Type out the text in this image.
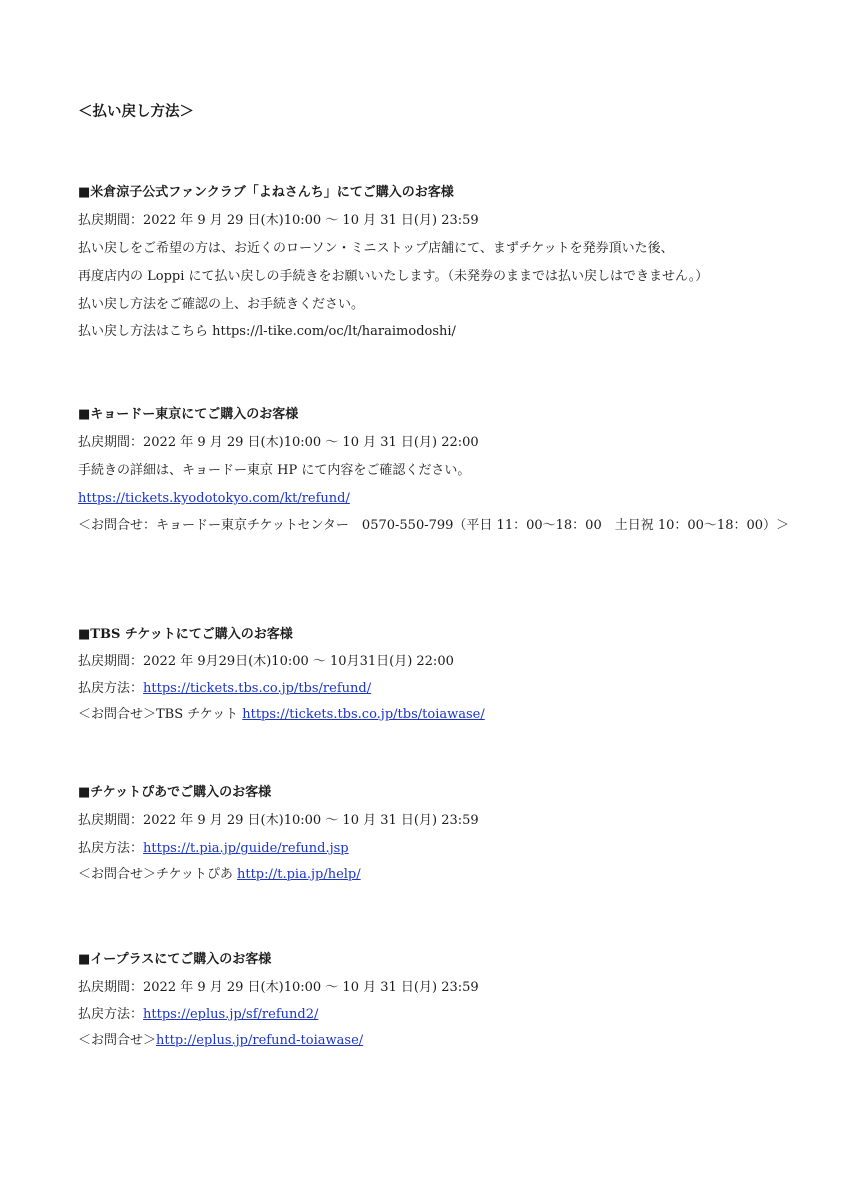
＜払い戻し方法＞
■米倉涼子公式ファンクラブ「よねさんち」にてご購入のお客様
払戻期間：2022 年 9 月 29 日(木)10:00 ～ 10 月 31 日(月) 23:59
払い戻しをご希望の方は、お近くのローソン・ミニストップ店舗にて、まずチケットを発券頂いた後、
再度店内の Loppi にて払い戻しの手続きをお願いいたします。（未発券のままでは払い戻しはできません。）
払い戻し方法をご確認の上、お手続きください。
払い戻し方法はこちら https://l-tike.com/oc/lt/haraimodoshi/
■キョードー東京にてご購入のお客様
払戻期間：2022 年 9 月 29 日(木)10:00 ～ 10 月 31 日(月) 22:00
手続きの詳細は、キョードー東京 HP にて内容をご確認ください。
https://tickets.kyodotokyo.com/kt/refund/
＜お問合せ：キョードー東京チケットセンター　0570-550-799（平日 11：00～18：00　土日祝 10：00～18：00）＞
■TBS チケットにてご購入のお客様
払戻期間：2022 年 9月29日(木)10:00 ～ 10月31日(月) 22:00
払戻方法：https://tickets.tbs.co.jp/tbs/refund/
＜お問合せ＞TBS チケット https://tickets.tbs.co.jp/tbs/toiawase/
■チケットぴあでご購入のお客様
払戻期間：2022 年 9 月 29 日(木)10:00 ～ 10 月 31 日(月) 23:59
払戻方法：https://t.pia.jp/guide/refund.jsp
＜お問合せ＞チケットぴあ http://t.pia.jp/help/
■イープラスにてご購入のお客様
払戻期間：2022 年 9 月 29 日(木)10:00 ～ 10 月 31 日(月) 23:59
払戻方法：https://eplus.jp/sf/refund2/
＜お問合せ＞http://eplus.jp/refund-toiawase/
